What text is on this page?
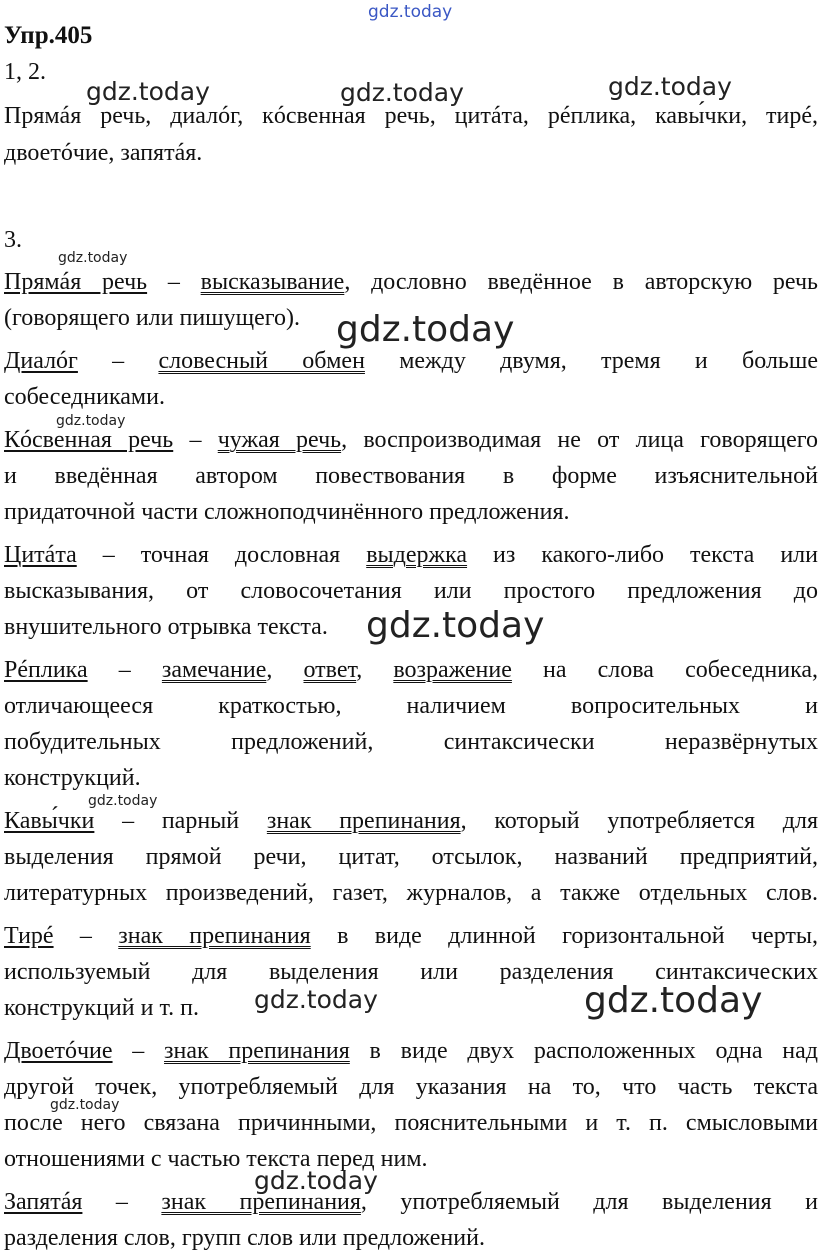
Упр.405
1, 2.
Прямáя речь, диалóг, кóсвенная речь, цитáта, рéплика, кавы́чки, тирé,
двоетóчие, запятáя.
3.
Прямáя речь – высказывание, дословно введённое в авторскую речь
(говорящего или пишущего).
Диалóг – словесный обмен между двумя, тремя и больше
собеседниками.
Кóсвенная речь – чужая речь, воспроизводимая не от лица говорящего
и введённая автором повествования в форме изъяснительной
придаточной части сложноподчинённого предложения.
Цитáта – точная дословная выдержка из какого-либо текста или
высказывания, от словосочетания или простого предложения до
внушительного отрывка текста.
Рéплика – замечание, ответ, возражение на слова собеседника,
отличающееся краткостью, наличием вопросительных и
побудительных предложений, синтаксически неразвёрнутых
конструкций.
Кавы́чки – парный знак препинания, который употребляется для
выделения прямой речи, цитат, отсылок, названий предприятий,
литературных произведений, газет, журналов, а также отдельных слов.
Тирé – знак препинания в виде длинной горизонтальной черты,
используемый для выделения или разделения синтаксических
конструкций и т. п.
Двоетóчие – знак препинания в виде двух расположенных одна над
другой точек, употребляемый для указания на то, что часть текста
после него связана причинными, пояснительными и т. п. смысловыми
отношениями с частью текста перед ним.
Запятáя – знак препинания, употребляемый для выделения и
разделения слов, групп слов или предложений.
gdz.today
gdz.today	gdz.today	gdz.today
gdz.today
gdz.today
gdz.today
gdz.today
gdz.today
gdz.today	gdz.today
gdz.today
gdz.today
